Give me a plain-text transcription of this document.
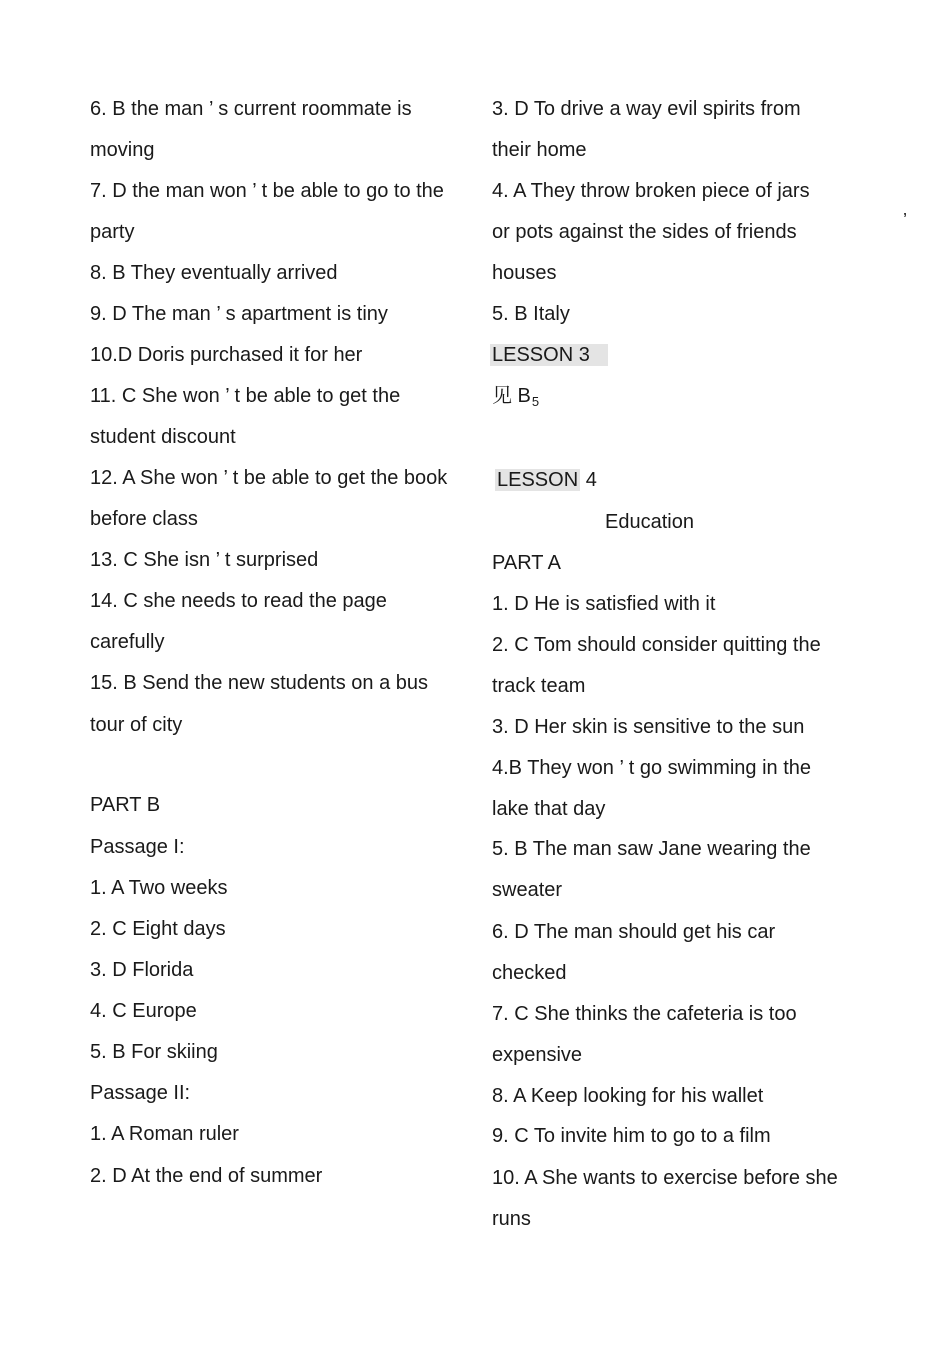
6. B the man ’ s current roommate is
moving
7. D the man won ’ t be able to go to the
party
8. B They eventually arrived
9. D The man ’ s apartment is tiny
10.D Doris purchased it for her
11. C She won ’ t be able to get the
student discount
12. A She won ’ t be able to get the book
before class
13. C She isn ’ t surprised
14. C she needs to read the page
carefully
15. B Send the new students on a bus
tour of city
PART B
Passage I:
1. A Two weeks
2. C Eight days
3. D Florida
4. C Europe
5. B For skiing
Passage II:
1. A Roman ruler
2. D At the end of summer
3. D To drive a way evil spirits from
their home
4. A They throw broken piece of jars
or pots against the sides of friends
houses
5. B Italy
LESSON 3
见 $B_5$
LESSON 4
Education
PART A
1. D He is satisfied with it
2. C Tom should consider quitting the
track team
3. D Her skin is sensitive to the sun
4.B They won ’ t go swimming in the
lake that day
5. B The man saw Jane wearing the
sweater
6. D The man should get his car
checked
7. C She thinks the cafeteria is too
expensive
8. A Keep looking for his wallet
9. C To invite him to go to a film
10. A She wants to exercise before she
runs
’
